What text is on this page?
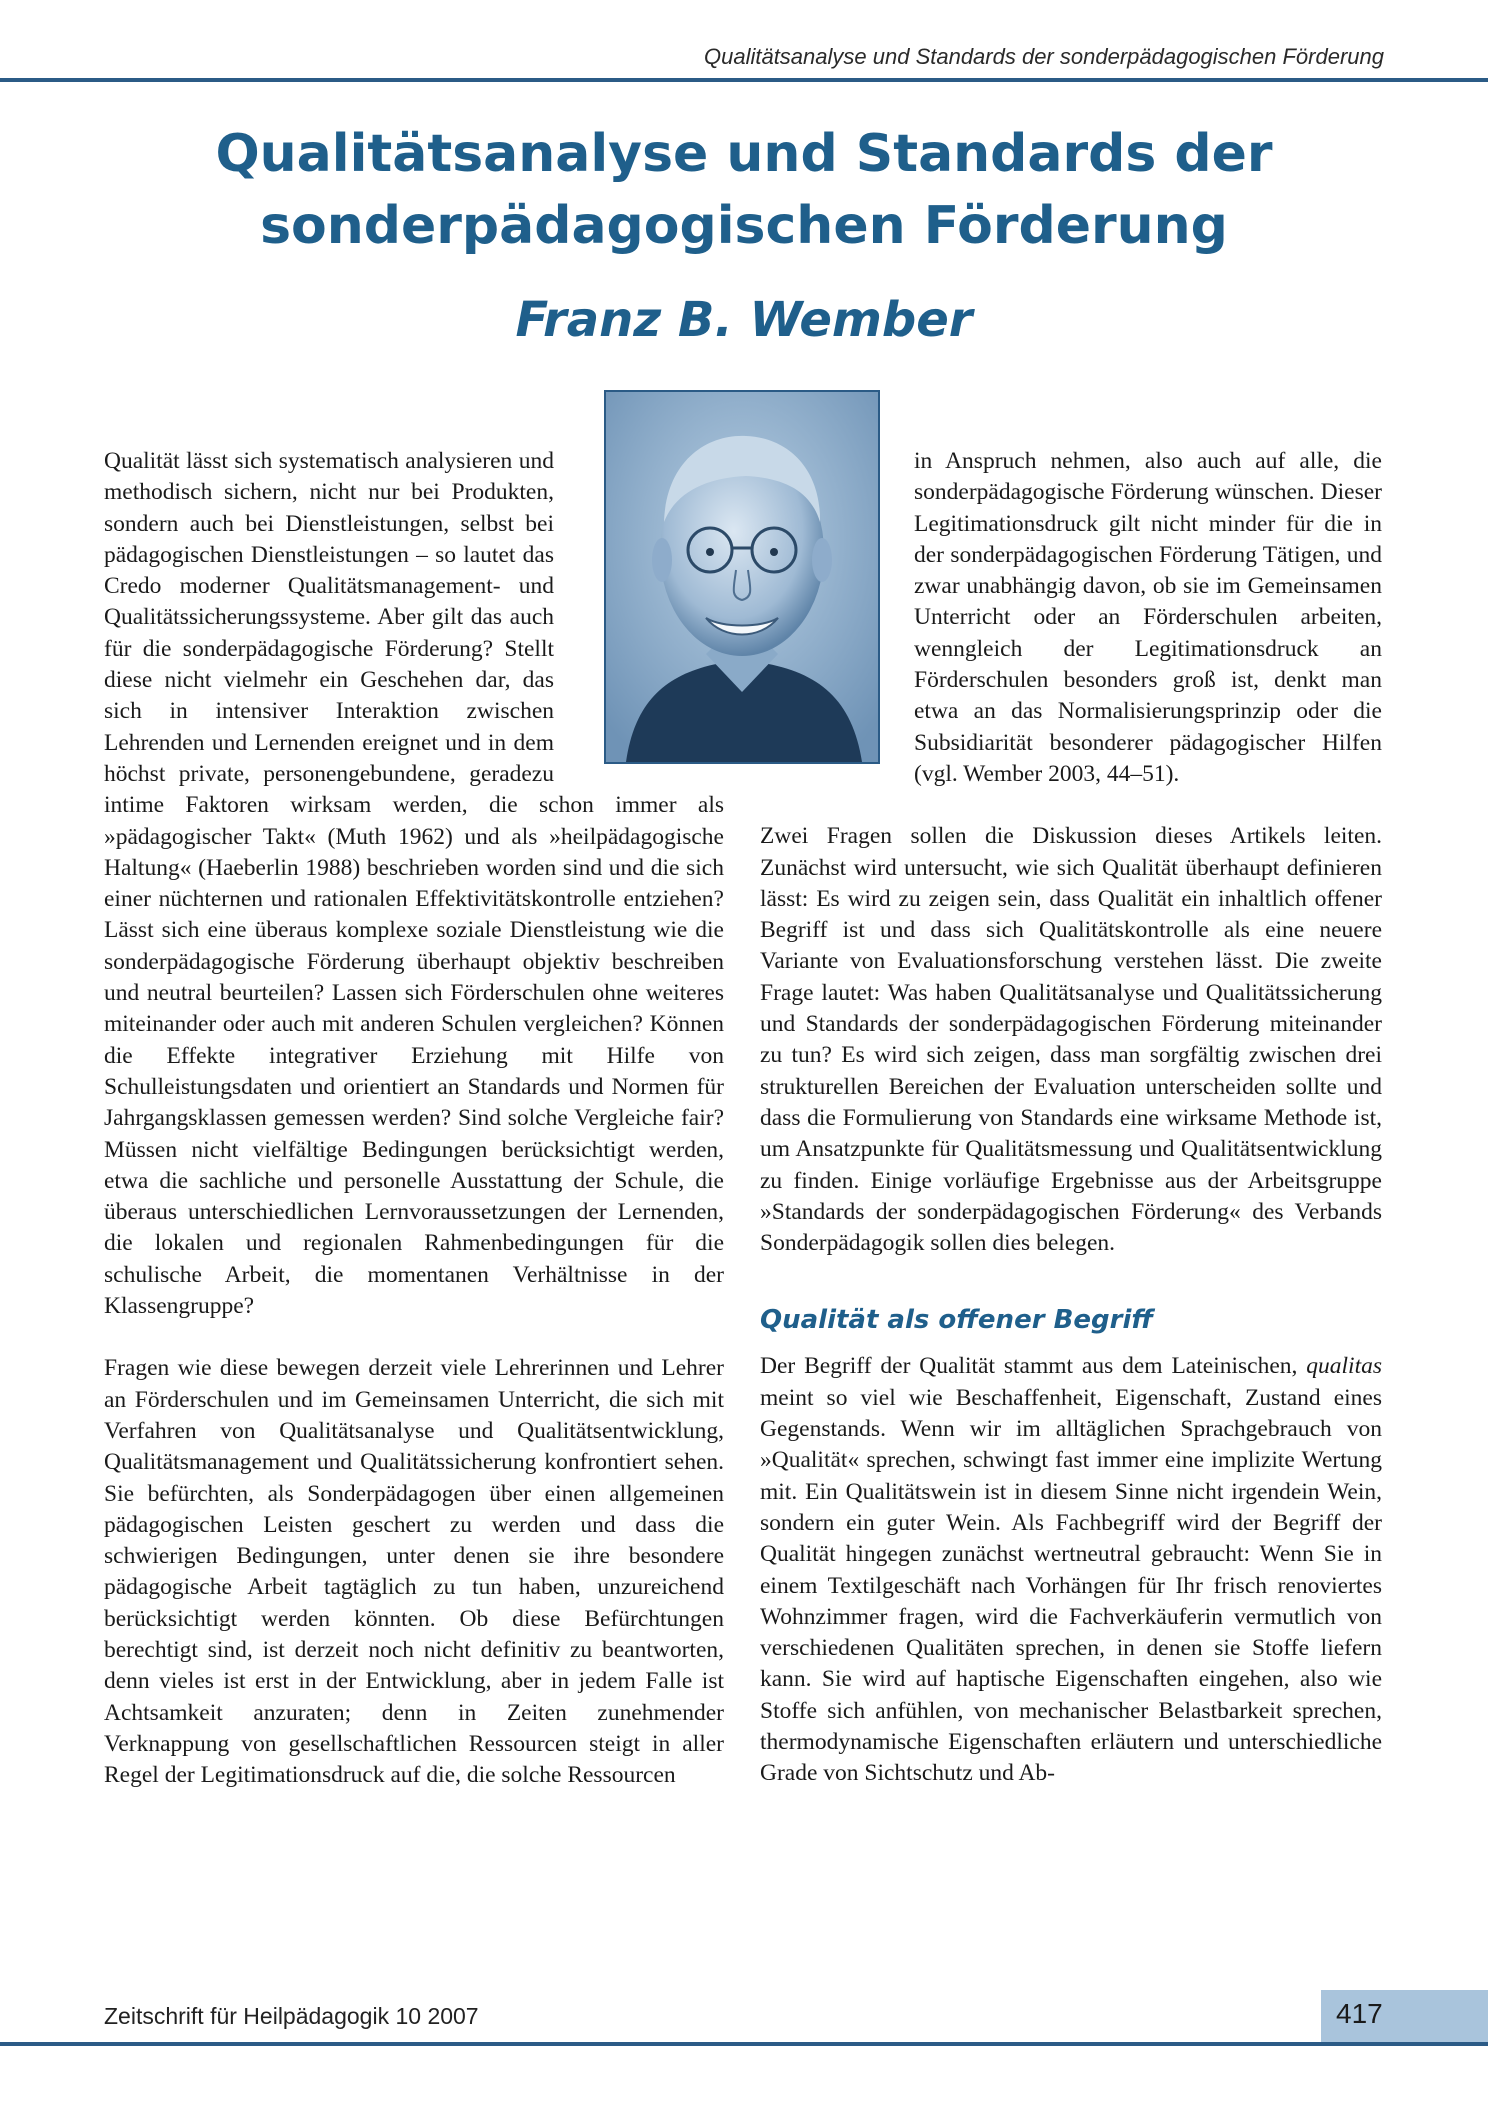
Qualitätsanalyse und Standards der sonderpädagogischen Förderung
Qualitätsanalyse und Standards der
sonderpädagogischen Förderung
Franz B. Wember

Qualität lässt sich systematisch analysieren und methodisch sichern, nicht nur bei Produkten, sondern auch bei Dienstleistungen, selbst bei pädagogischen Dienstleistungen – so lautet das Credo moderner Qualitätsmanagement- und Qualitätssicherungssysteme. Aber gilt das auch für die sonderpädagogische Förderung? Stellt diese nicht vielmehr ein Geschehen dar, das sich in intensiver Interaktion zwischen Lehrenden und Lernenden ereignet und in dem höchst private, personengebundene, geradezu intime Faktoren wirksam werden, die schon immer als »pädagogischer Takt« (Muth 1962) und als »heilpädagogische Haltung« (Haeberlin 1988) beschrieben worden sind und die sich einer nüchternen und rationalen Effektivitätskontrolle entziehen? Lässt sich eine überaus komplexe soziale Dienstleistung wie die sonderpädagogische Förderung überhaupt objektiv beschreiben und neutral beurteilen? Lassen sich Förderschulen ohne weiteres miteinander oder auch mit anderen Schulen vergleichen? Können die Effekte integrativer Erziehung mit Hilfe von Schulleistungsdaten und orientiert an Standards und Normen für Jahrgangsklassen gemessen werden? Sind solche Vergleiche fair? Müssen nicht vielfältige Bedingungen berücksichtigt werden, etwa die sachliche und personelle Ausstattung der Schule, die überaus unterschiedlichen Lernvoraussetzungen der Lernenden, die lokalen und regionalen Rahmenbedingungen für die schulische Arbeit, die momentanen Verhältnisse in der Klassengruppe?

Fragen wie diese bewegen derzeit viele Lehrerinnen und Lehrer an Förderschulen und im Gemeinsamen Unterricht, die sich mit Verfahren von Qualitätsanalyse und Qualitätsentwicklung, Qualitätsmanagement und Qualitätssicherung konfrontiert sehen. Sie befürchten, als Sonderpädagogen über einen allgemeinen pädagogischen Leisten geschert zu werden und dass die schwierigen Bedingungen, unter denen sie ihre besondere pädagogische Arbeit tagtäglich zu tun haben, unzureichend berücksichtigt werden könnten. Ob diese Befürchtungen berechtigt sind, ist derzeit noch nicht definitiv zu beantworten, denn vieles ist erst in der Entwicklung, aber in jedem Falle ist Achtsamkeit anzuraten; denn in Zeiten zunehmender Verknappung von gesellschaftlichen Ressourcen steigt in aller Regel der Legitimationsdruck auf die, die solche Ressourcen

in Anspruch nehmen, also auch auf alle, die sonderpädagogische Förderung wünschen. Dieser Legitimationsdruck gilt nicht minder für die in der sonderpädagogischen Förderung Tätigen, und zwar unabhängig davon, ob sie im Gemeinsamen Unterricht oder an Förderschulen arbeiten, wenngleich der Legitimationsdruck an Förderschulen besonders groß ist, denkt man etwa an das Normalisierungsprinzip oder die Subsidiarität besonderer pädagogischer Hilfen (vgl. Wember 2003, 44–51).

Zwei Fragen sollen die Diskussion dieses Artikels leiten. Zunächst wird untersucht, wie sich Qualität überhaupt definieren lässt: Es wird zu zeigen sein, dass Qualität ein inhaltlich offener Begriff ist und dass sich Qualitätskontrolle als eine neuere Variante von Evaluationsforschung verstehen lässt. Die zweite Frage lautet: Was haben Qualitätsanalyse und Qualitätssicherung und Standards der sonderpädagogischen Förderung miteinander zu tun? Es wird sich zeigen, dass man sorgfältig zwischen drei strukturellen Bereichen der Evaluation unterscheiden sollte und dass die Formulierung von Standards eine wirksame Methode ist, um Ansatzpunkte für Qualitätsmessung und Qualitätsentwicklung zu finden. Einige vorläufige Ergebnisse aus der Arbeitsgruppe »Standards der sonderpädagogischen Förderung« des Verbands Sonderpädagogik sollen dies belegen.

Qualität als offener Begriff

Der Begriff der Qualität stammt aus dem Lateinischen, qualitas meint so viel wie Beschaffenheit, Eigenschaft, Zustand eines Gegenstands. Wenn wir im alltäglichen Sprachgebrauch von »Qualität« sprechen, schwingt fast immer eine implizite Wertung mit. Ein Qualitätswein ist in diesem Sinne nicht irgendein Wein, sondern ein guter Wein. Als Fachbegriff wird der Begriff der Qualität hingegen zunächst wertneutral gebraucht: Wenn Sie in einem Textilgeschäft nach Vorhängen für Ihr frisch renoviertes Wohnzimmer fragen, wird die Fachverkäuferin vermutlich von verschiedenen Qualitäten sprechen, in denen sie Stoffe liefern kann. Sie wird auf haptische Eigenschaften eingehen, also wie Stoffe sich anfühlen, von mechanischer Belastbarkeit sprechen, thermodynamische Eigenschaften erläutern und unterschiedliche Grade von Sichtschutz und Ab-

Zeitschrift für Heilpädagogik 10 2007	417
